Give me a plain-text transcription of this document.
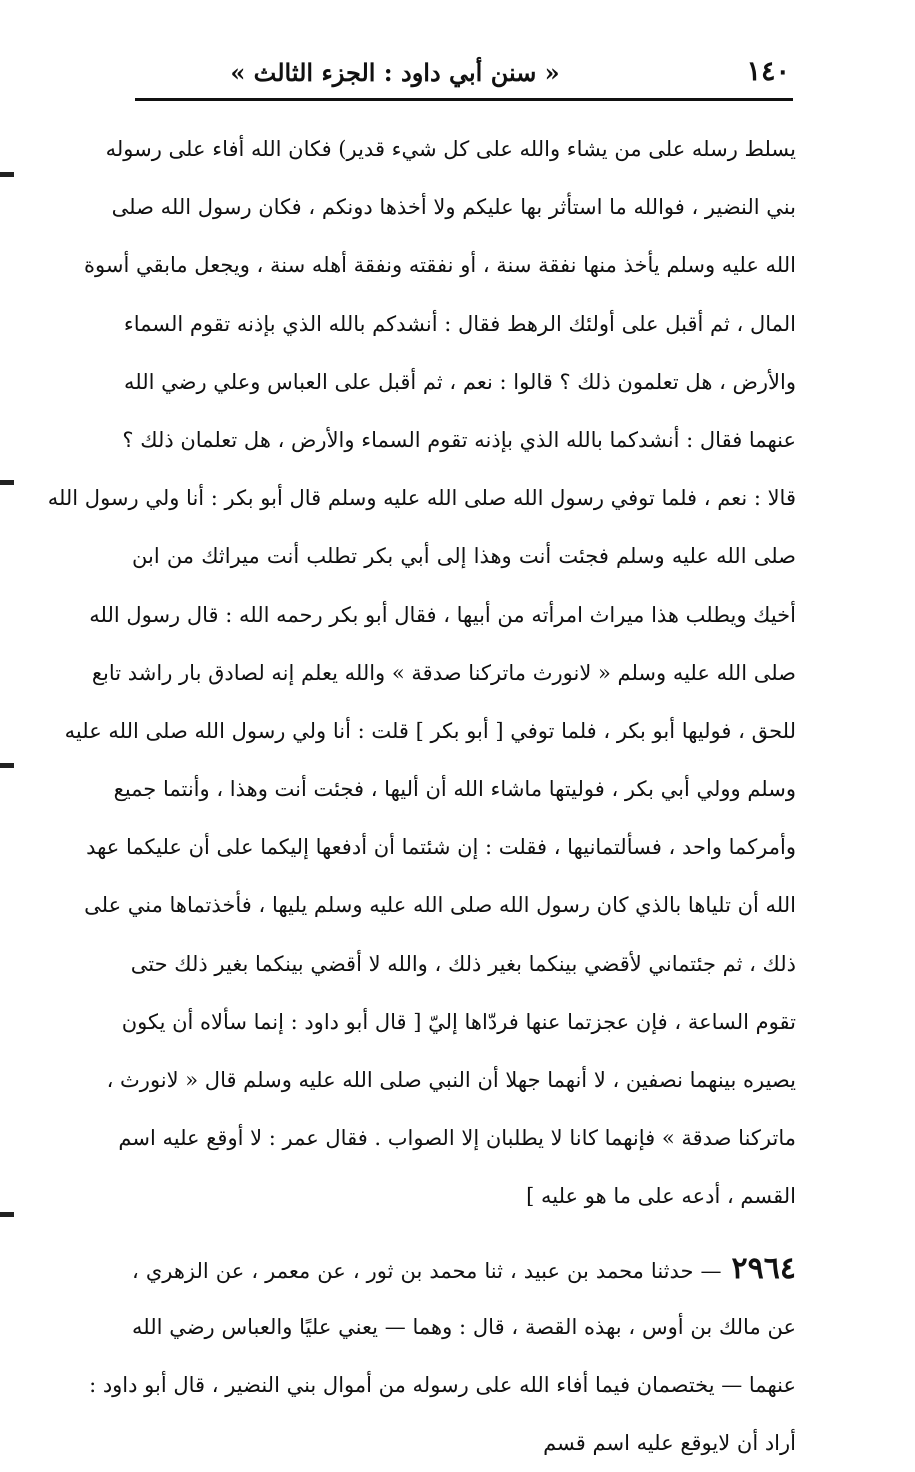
١٤٠
« سنن أبي داود : الجزء الثالث »
يسلط رسله على من يشاء والله على كل شيء قدير) فكان الله أفاء على رسوله
بني النضير ، فوالله ما استأثر بها عليكم ولا أخذها دونكم ، فكان رسول الله صلى
الله عليه وسلم يأخذ منها نفقة سنة ، أو نفقته ونفقة أهله سنة ، ويجعل مابقي أسوة
المال ، ثم أقبل على أولئك الرهط فقال : أنشدكم بالله الذي بإذنه تقوم السماء
والأرض ، هل تعلمون ذلك ؟ قالوا : نعم ، ثم أقبل على العباس وعلي رضي الله
عنهما فقال : أنشدكما بالله الذي بإذنه تقوم السماء والأرض ، هل تعلمان ذلك ؟
قالا : نعم ، فلما توفي رسول الله صلى الله عليه وسلم قال أبو بكر : أنا ولي رسول الله
صلى الله عليه وسلم فجئت أنت وهذا إلى أبي بكر تطلب أنت ميراثك من ابن
أخيك ويطلب هذا ميراث امرأته من أبيها ، فقال أبو بكر رحمه الله : قال رسول الله
صلى الله عليه وسلم « لانورث ماتركنا صدقة » والله يعلم إنه لصادق بار راشد تابع
للحق ، فوليها أبو بكر ، فلما توفي [ أبو بكر ] قلت : أنا ولي رسول الله صلى الله عليه
وسلم وولي أبي بكر ، فوليتها ماشاء الله أن أليها ، فجئت أنت وهذا ، وأنتما جميع
وأمركما واحد ، فسألتمانيها ، فقلت : إن شئتما أن أدفعها إليكما على أن عليكما عهد
الله أن تلياها بالذي كان رسول الله صلى الله عليه وسلم يليها ، فأخذتماها مني على
ذلك ، ثم جئتماني لأقضي بينكما بغير ذلك ، والله لا أقضي بينكما بغير ذلك حتى
تقوم الساعة ، فإن عجزتما عنها فردّاها إليّ [ قال أبو داود : إنما سألاه أن يكون
يصيره بينهما نصفين ، لا أنهما جهلا أن النبي صلى الله عليه وسلم قال « لانورث ،
ماتركنا صدقة » فإنهما كانا لا يطلبان إلا الصواب . فقال عمر : لا أوقع عليه اسم
القسم ، أدعه على ما هو عليه ]
٢٩٦٤— حدثنا محمد بن عبيد ، ثنا محمد بن ثور ، عن معمر ، عن الزهري ،
عن مالك بن أوس ، بهذه القصة ، قال : وهما — يعني عليًا والعباس رضي الله
عنهما — يختصمان فيما أفاء الله على رسوله من أموال بني النضير ، قال أبو داود :
أراد أن لايوقع عليه اسم قسم
